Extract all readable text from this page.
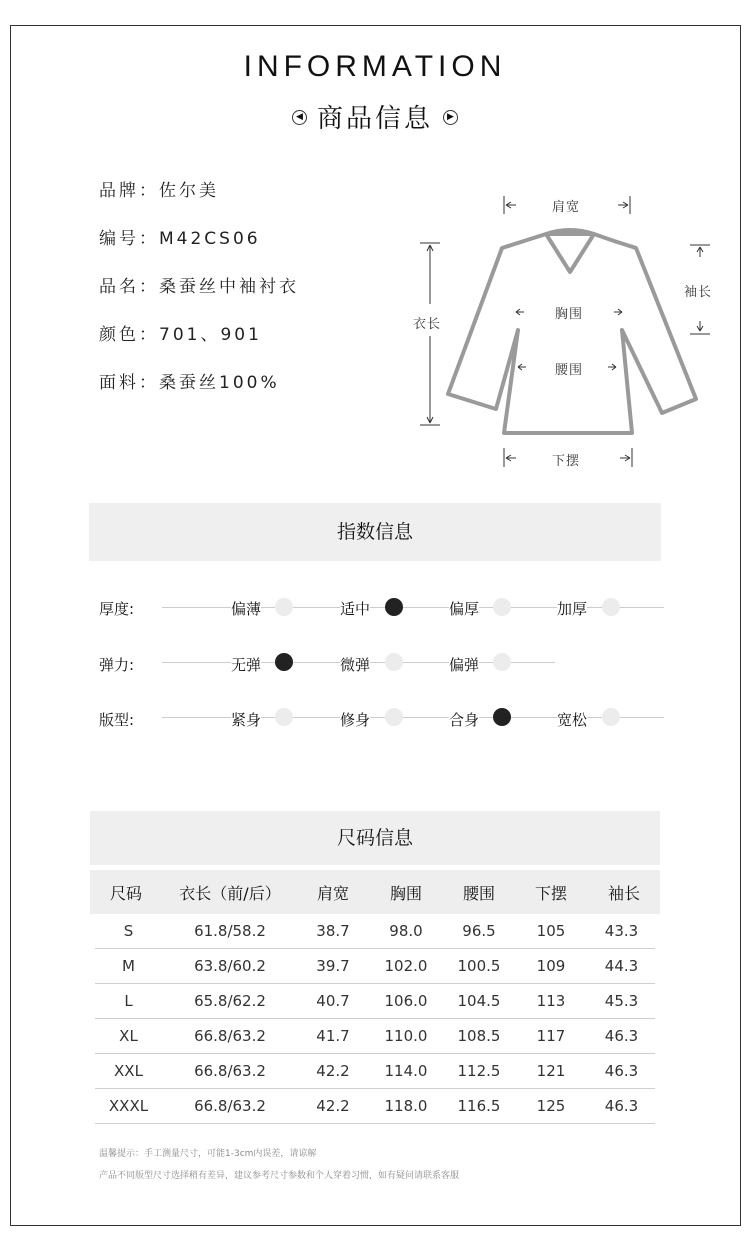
INFORMATION
◀ 商品信息 ▶
品牌：佐尔美
编号：M42CS06
品名：桑蚕丝中袖衬衣
颜色：701、901
面料：桑蚕丝100%
肩宽
衣长
袖长
胸围
腰围
下摆
指数信息
厚度:	偏薄	适中	偏厚	加厚
弹力:	无弹	微弹	偏弹
版型:	紧身	修身	合身	宽松
尺码信息
尺码	衣长（前/后）	肩宽	胸围	腰围	下摆	袖长
S	61.8/58.2	38.7	98.0	96.5	105	43.3
M	63.8/60.2	39.7	102.0	100.5	109	44.3
L	65.8/62.2	40.7	106.0	104.5	113	45.3
XL	66.8/63.2	41.7	110.0	108.5	117	46.3
XXL	66.8/63.2	42.2	114.0	112.5	121	46.3
XXXL	66.8/63.2	42.2	118.0	116.5	125	46.3
温馨提示：手工测量尺寸，可能1-3cm内误差，请谅解
产品不同版型尺寸选择稍有差异，建议参考尺寸参数和个人穿着习惯，如有疑问请联系客服
